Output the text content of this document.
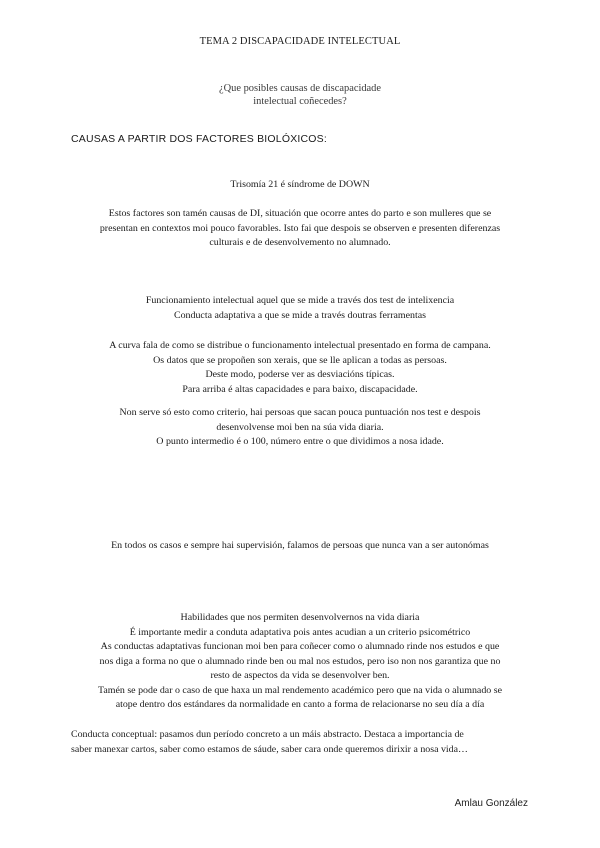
TEMA 2 DISCAPACIDADE INTELECTUAL
¿Que posibles causas de discapacidade
intelectual coñecedes?
CAUSAS A PARTIR DOS FACTORES BIOLÓXICOS:
Trisomía 21 é síndrome de DOWN
Estos factores son tamén causas de DI, situación que ocorre antes do parto e son mulleres que se
presentan en contextos moi pouco favorables. Isto fai que despois se observen e presenten diferenzas
culturais e de desenvolvemento no alumnado.
Funcionamiento intelectual aquel que se mide a través dos test de intelixencia
Conducta adaptativa a que se mide a través doutras ferramentas
A curva fala de como se distribue o funcionamento intelectual presentado en forma de campana.
Os datos que se propoñen son xerais, que se lle aplican a todas as persoas.
Deste modo, poderse ver as desviacións típicas.
Para arriba é altas capacidades e para baixo, discapacidade.
Non serve só esto como criterio, hai persoas que sacan pouca puntuación nos test e despois
desenvolvense moi ben na súa vida diaria.
O punto intermedio é o 100, número entre o que dividimos a nosa idade.
En todos os casos e sempre hai supervisión, falamos de persoas que nunca van a ser autonómas
Habilidades que nos permiten desenvolvernos na vida diaria
É importante medir a conduta adaptativa pois antes acudian a un criterio psicométrico
As conductas adaptativas funcionan moi ben para coñecer como o alumnado rinde nos estudos e que
nos diga a forma no que o alumnado rinde ben ou mal nos estudos, pero iso non nos garantiza que no
resto de aspectos da vida se desenvolver ben.
Tamén se pode dar o caso de que haxa un mal rendemento académico pero que na vida o alumnado se
atope dentro dos estándares da normalidade en canto a forma de relacionarse no seu día a día
Conducta conceptual: pasamos dun período concreto a un máis abstracto. Destaca a importancia de
saber manexar cartos, saber como estamos de sáude, saber cara onde queremos dirixir a nosa vida…
Amlau González
